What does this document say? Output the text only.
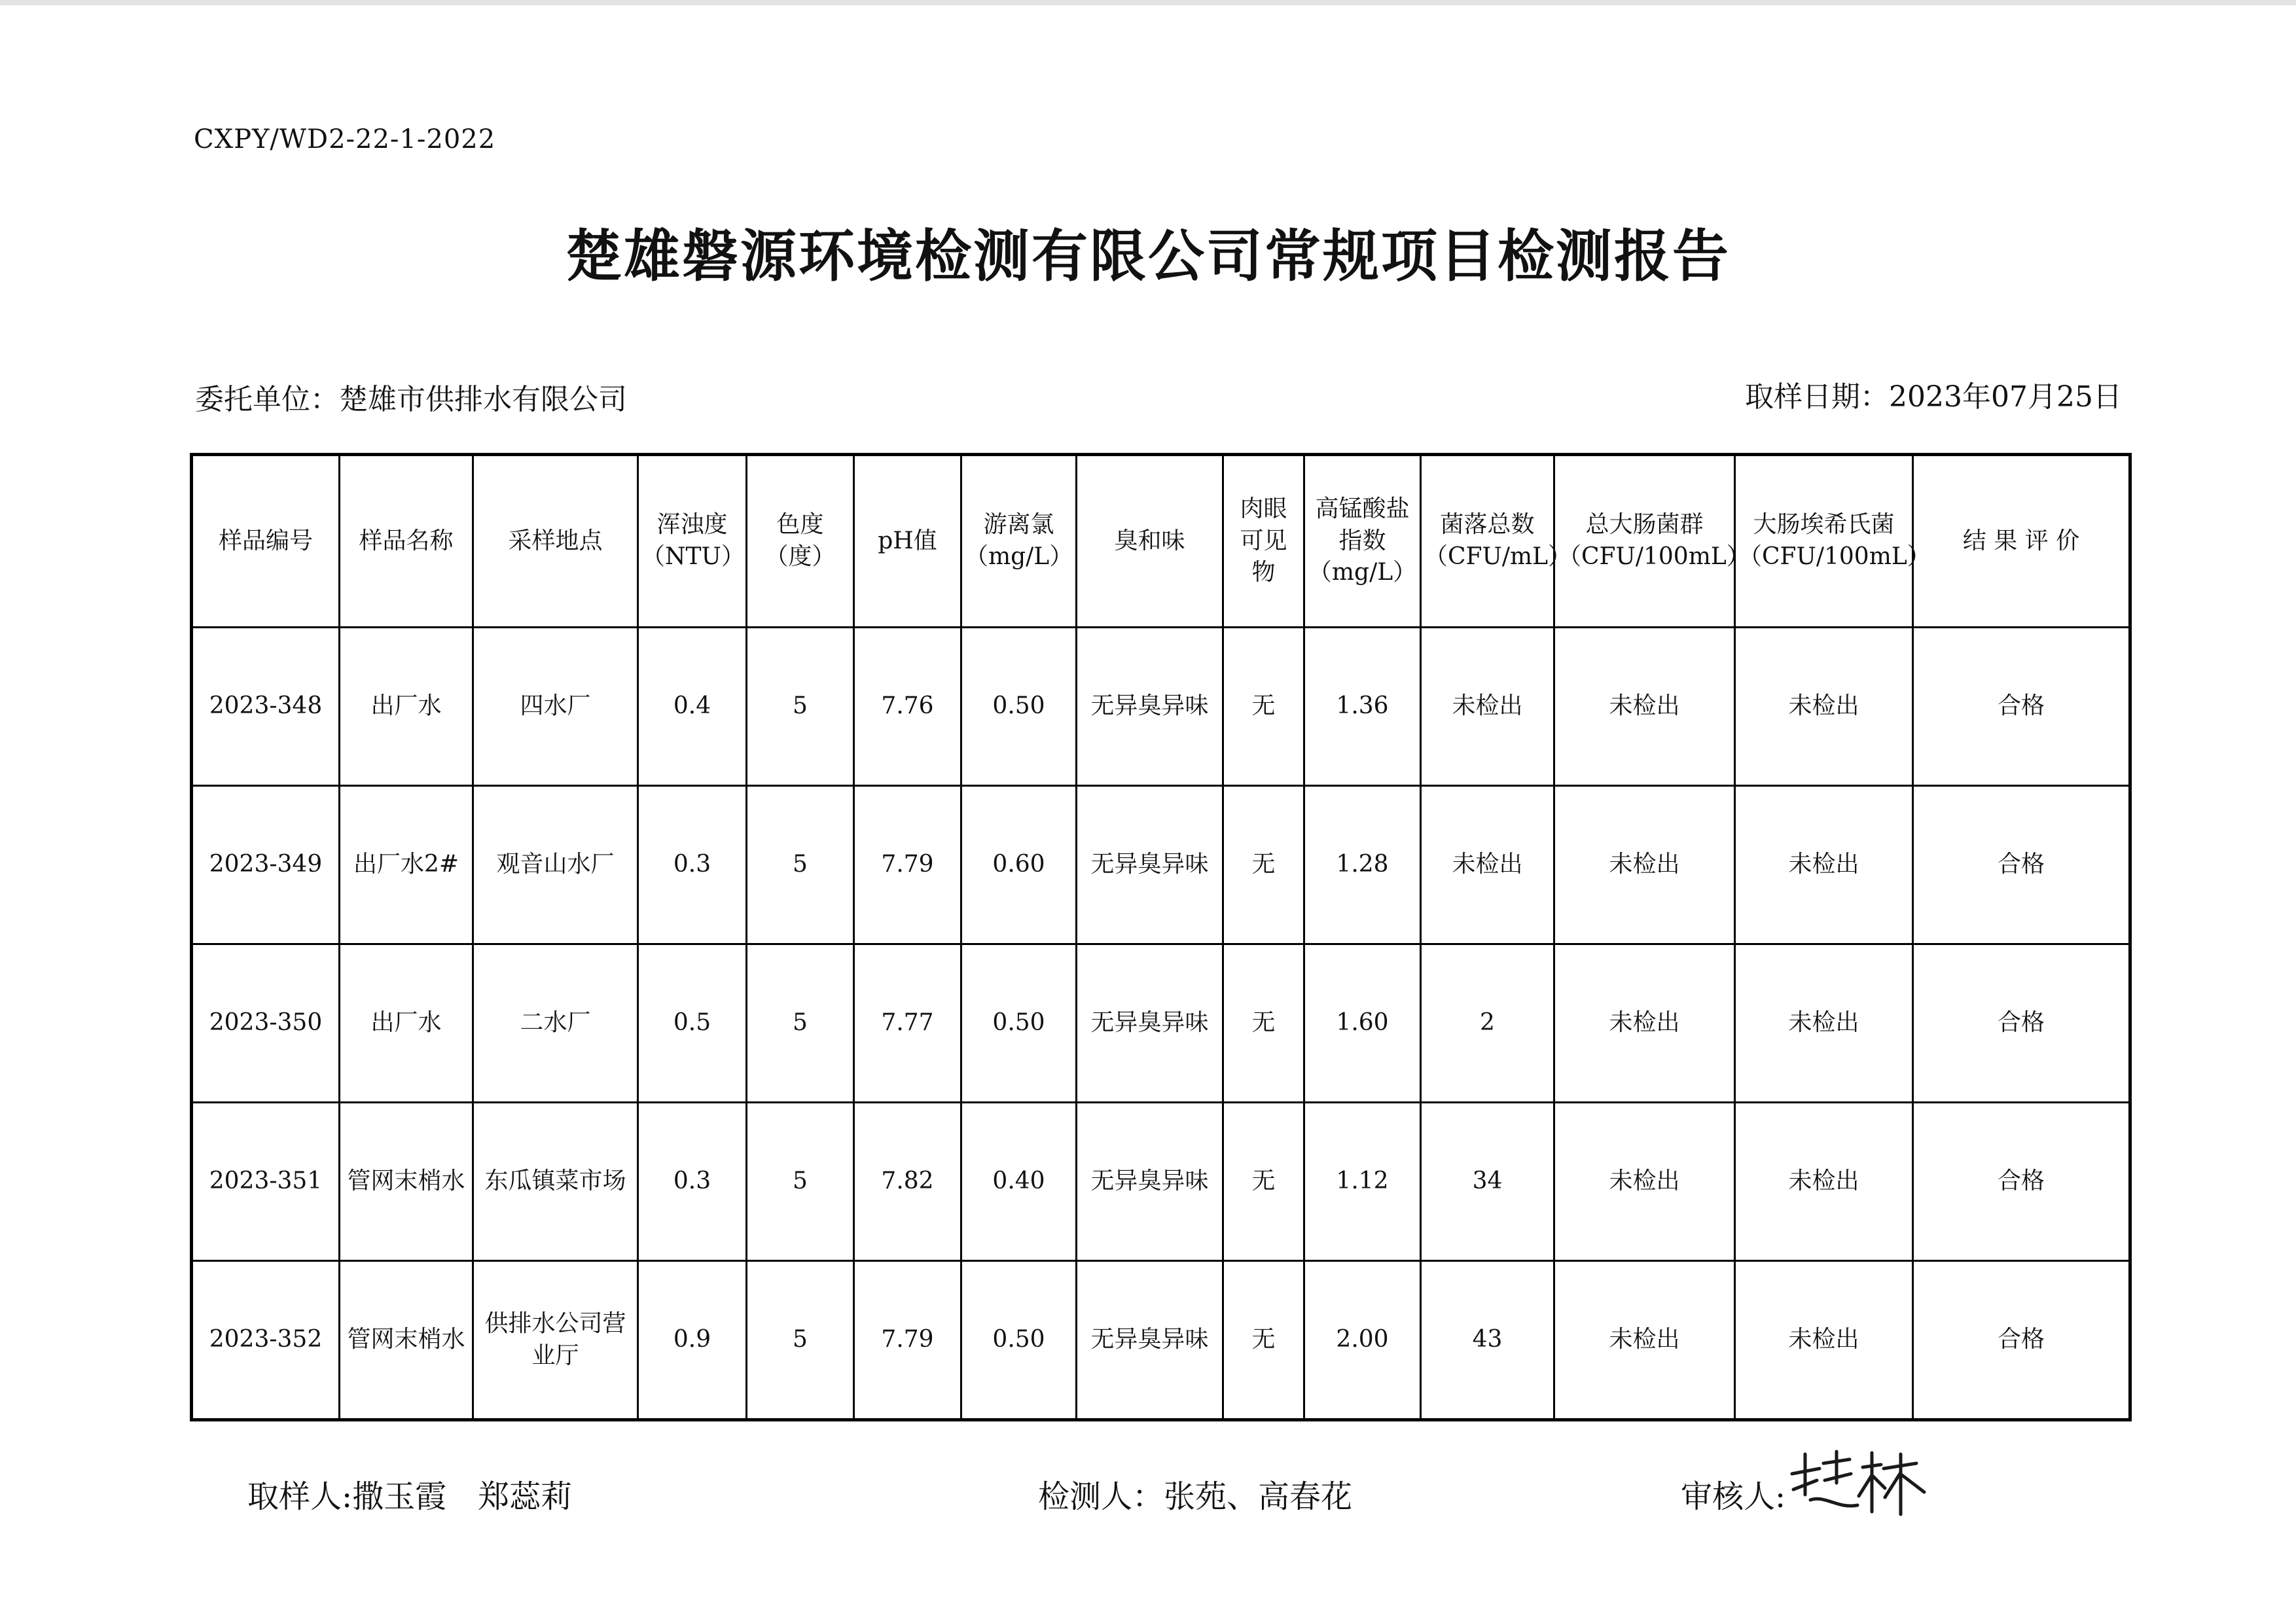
CXPY/WD2-22-1-2022
楚雄磐源环境检测有限公司常规项目检测报告
委托单位：楚雄市供排水有限公司	取样日期：2023年07月25日
样品编号	样品名称	采样地点	浑浊度
（NTU）	色度
（度）	pH值	游离氯
（mg/L）	臭和味	肉眼
可见
物	高锰酸盐
指数
（mg/L）	菌落总数
（CFU/mL）	总大肠菌群
（CFU/100mL）	大肠埃希氏菌
（CFU/100mL）	结 果 评 价

2023-348	出厂水	四水厂	0.4	5	7.76	0.50	无异臭异味	无	1.36	未检出	未检出	未检出	合格
2023-349	出厂水2#	观音山水厂	0.3	5	7.79	0.60	无异臭异味	无	1.28	未检出	未检出	未检出	合格
2023-350	出厂水	二水厂	0.5	5	7.77	0.50	无异臭异味	无	1.60	2	未检出	未检出	合格
2023-351	管网末梢水	东瓜镇菜市场	0.3	5	7.82	0.40	无异臭异味	无	1.12	34	未检出	未检出	合格
2023-352	管网末梢水	供排水公司营业厅	0.9	5	7.79	0.50	无异臭异味	无	2.00	43	未检出	未检出	合格
取样人:撒玉霞　郑蕊莉	检测人：张苑、高春花	审核人:
